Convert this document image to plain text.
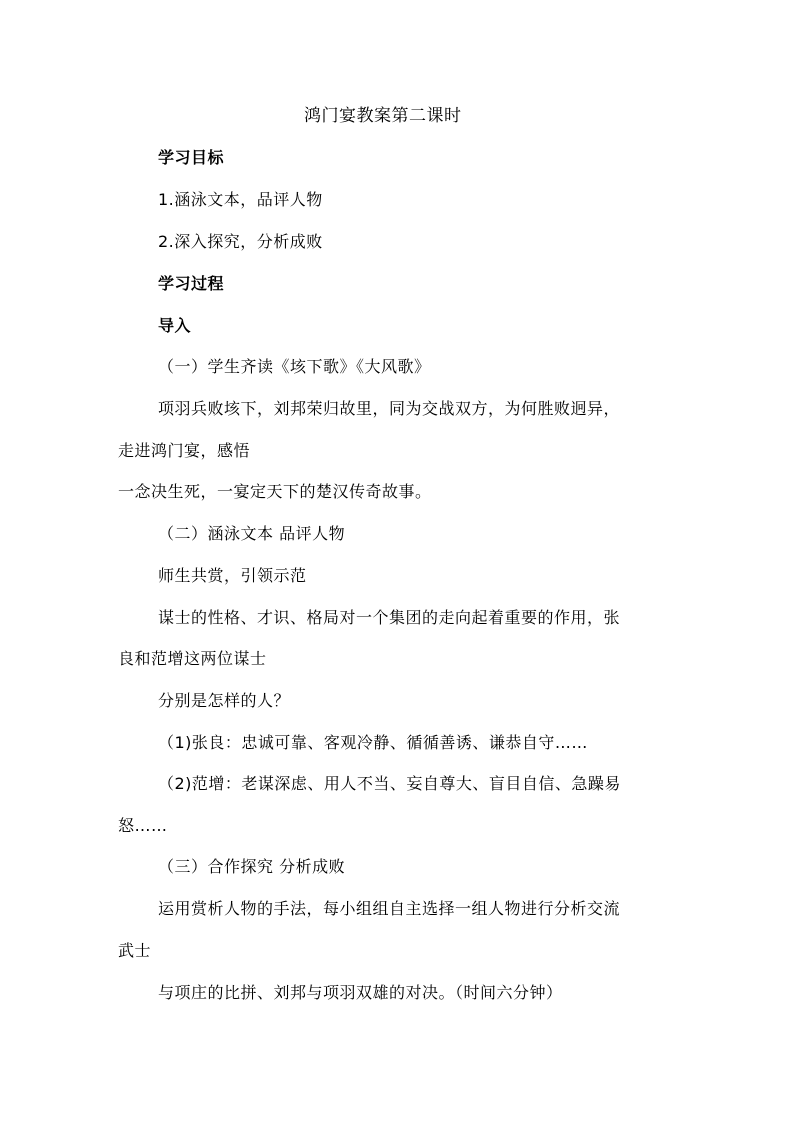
鸿门宴教案第二课时
学习目标
1.涵泳文本，品评人物
2.深入探究，分析成败
学习过程
导入
（一）学生齐读《垓下歌》《大风歌》
项羽兵败垓下，刘邦荣归故里，同为交战双方，为何胜败迥异，
走进鸿门宴，感悟
一念决生死，一宴定天下的楚汉传奇故事。
（二）涵泳文本 品评人物
师生共赏，引领示范
谋士的性格、才识、格局对一个集团的走向起着重要的作用，张
良和范增这两位谋士
分别是怎样的人？
（1)张良：忠诚可靠、客观冷静、循循善诱、谦恭自守……
（2)范增：老谋深虑、用人不当、妄自尊大、盲目自信、急躁易
怒……
（三）合作探究 分析成败
运用赏析人物的手法，每小组组自主选择一组人物进行分析交流
武士
与项庄的比拼、刘邦与项羽双雄的对决。（时间六分钟）
